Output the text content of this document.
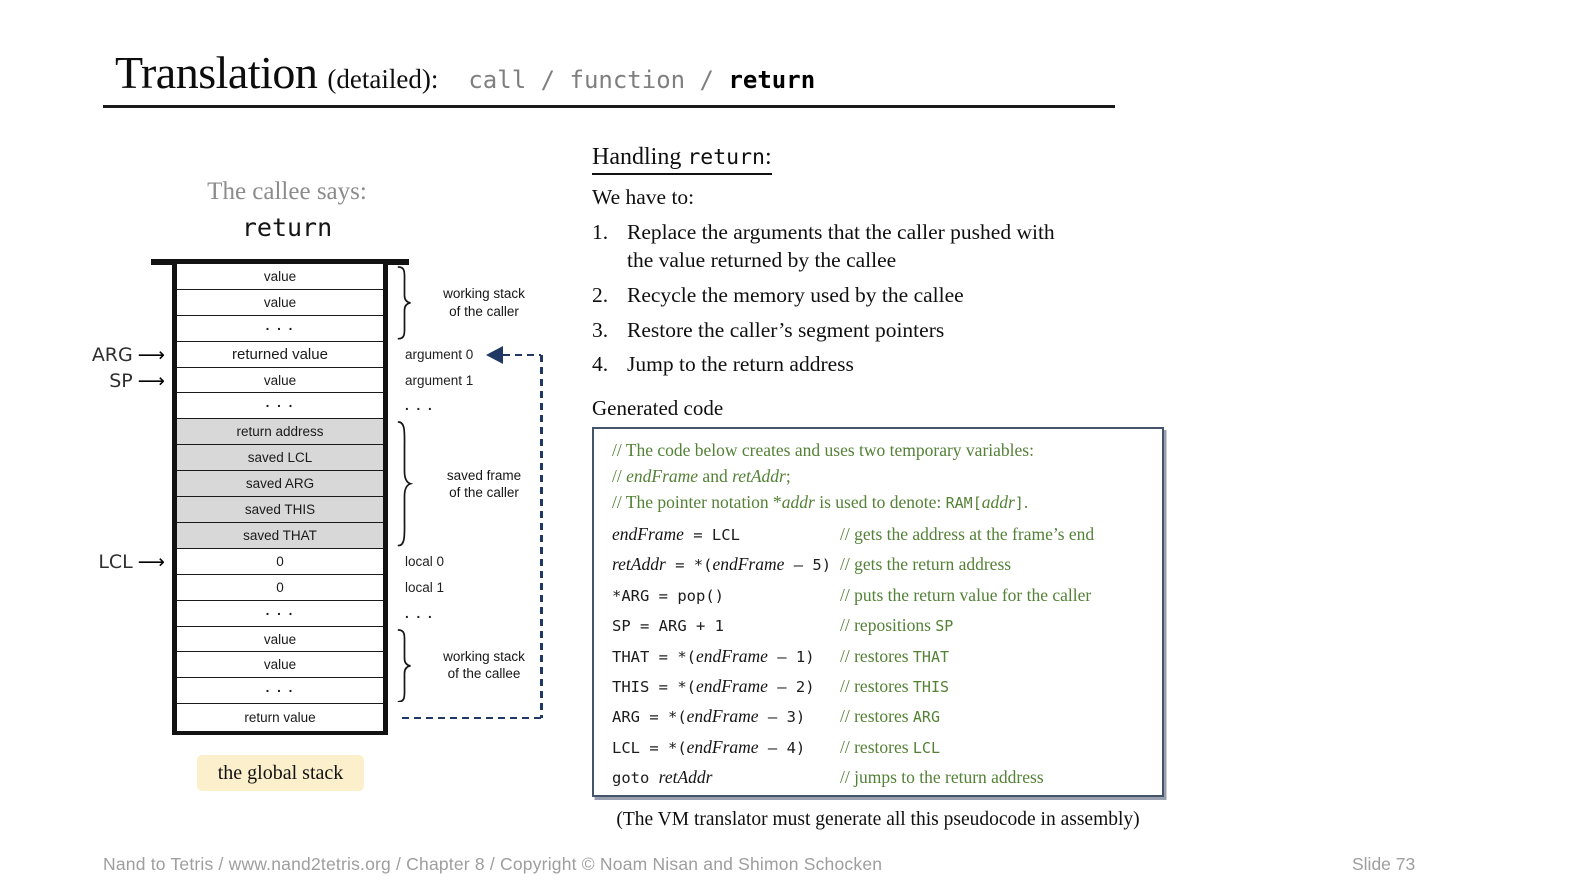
Translation (detailed): call / function / return
The callee says:
return
value
value
. . .
returned value
value
. . .
return address
saved LCL
saved ARG
saved THIS
saved THAT
0
0
. . .
value
value
. . .
return value
ARG ⟶	argument 0
SP ⟶	argument 1
. . .
LCL ⟶	local 0
local 1
. . .
working stack
of the caller
saved frame
of the caller
working stack
of the callee
the global stack
Handling return:
We have to:
1. Replace the arguments that the caller pushed with the value returned by the callee
2. Recycle the memory used by the callee
3. Restore the caller’s segment pointers
4. Jump to the return address
Generated code
// The code below creates and uses two temporary variables:
// endFrame and retAddr;
// The pointer notation *addr is used to denote: RAM[addr].
endFrame = LCL	// gets the address at the frame’s end
retAddr = *(endFrame – 5) // gets the return address
*ARG = pop()	// puts the return value for the caller
SP = ARG + 1	// repositions SP
THAT = *(endFrame – 1)	// restores THAT
THIS = *(endFrame – 2)	// restores THIS
ARG = *(endFrame – 3)	// restores ARG
LCL = *(endFrame – 4)	// restores LCL
goto retAddr	// jumps to the return address
(The VM translator must generate all this pseudocode in assembly)
Nand to Tetris / www.nand2tetris.org / Chapter 8 / Copyright © Noam Nisan and Shimon Schocken	Slide 73
